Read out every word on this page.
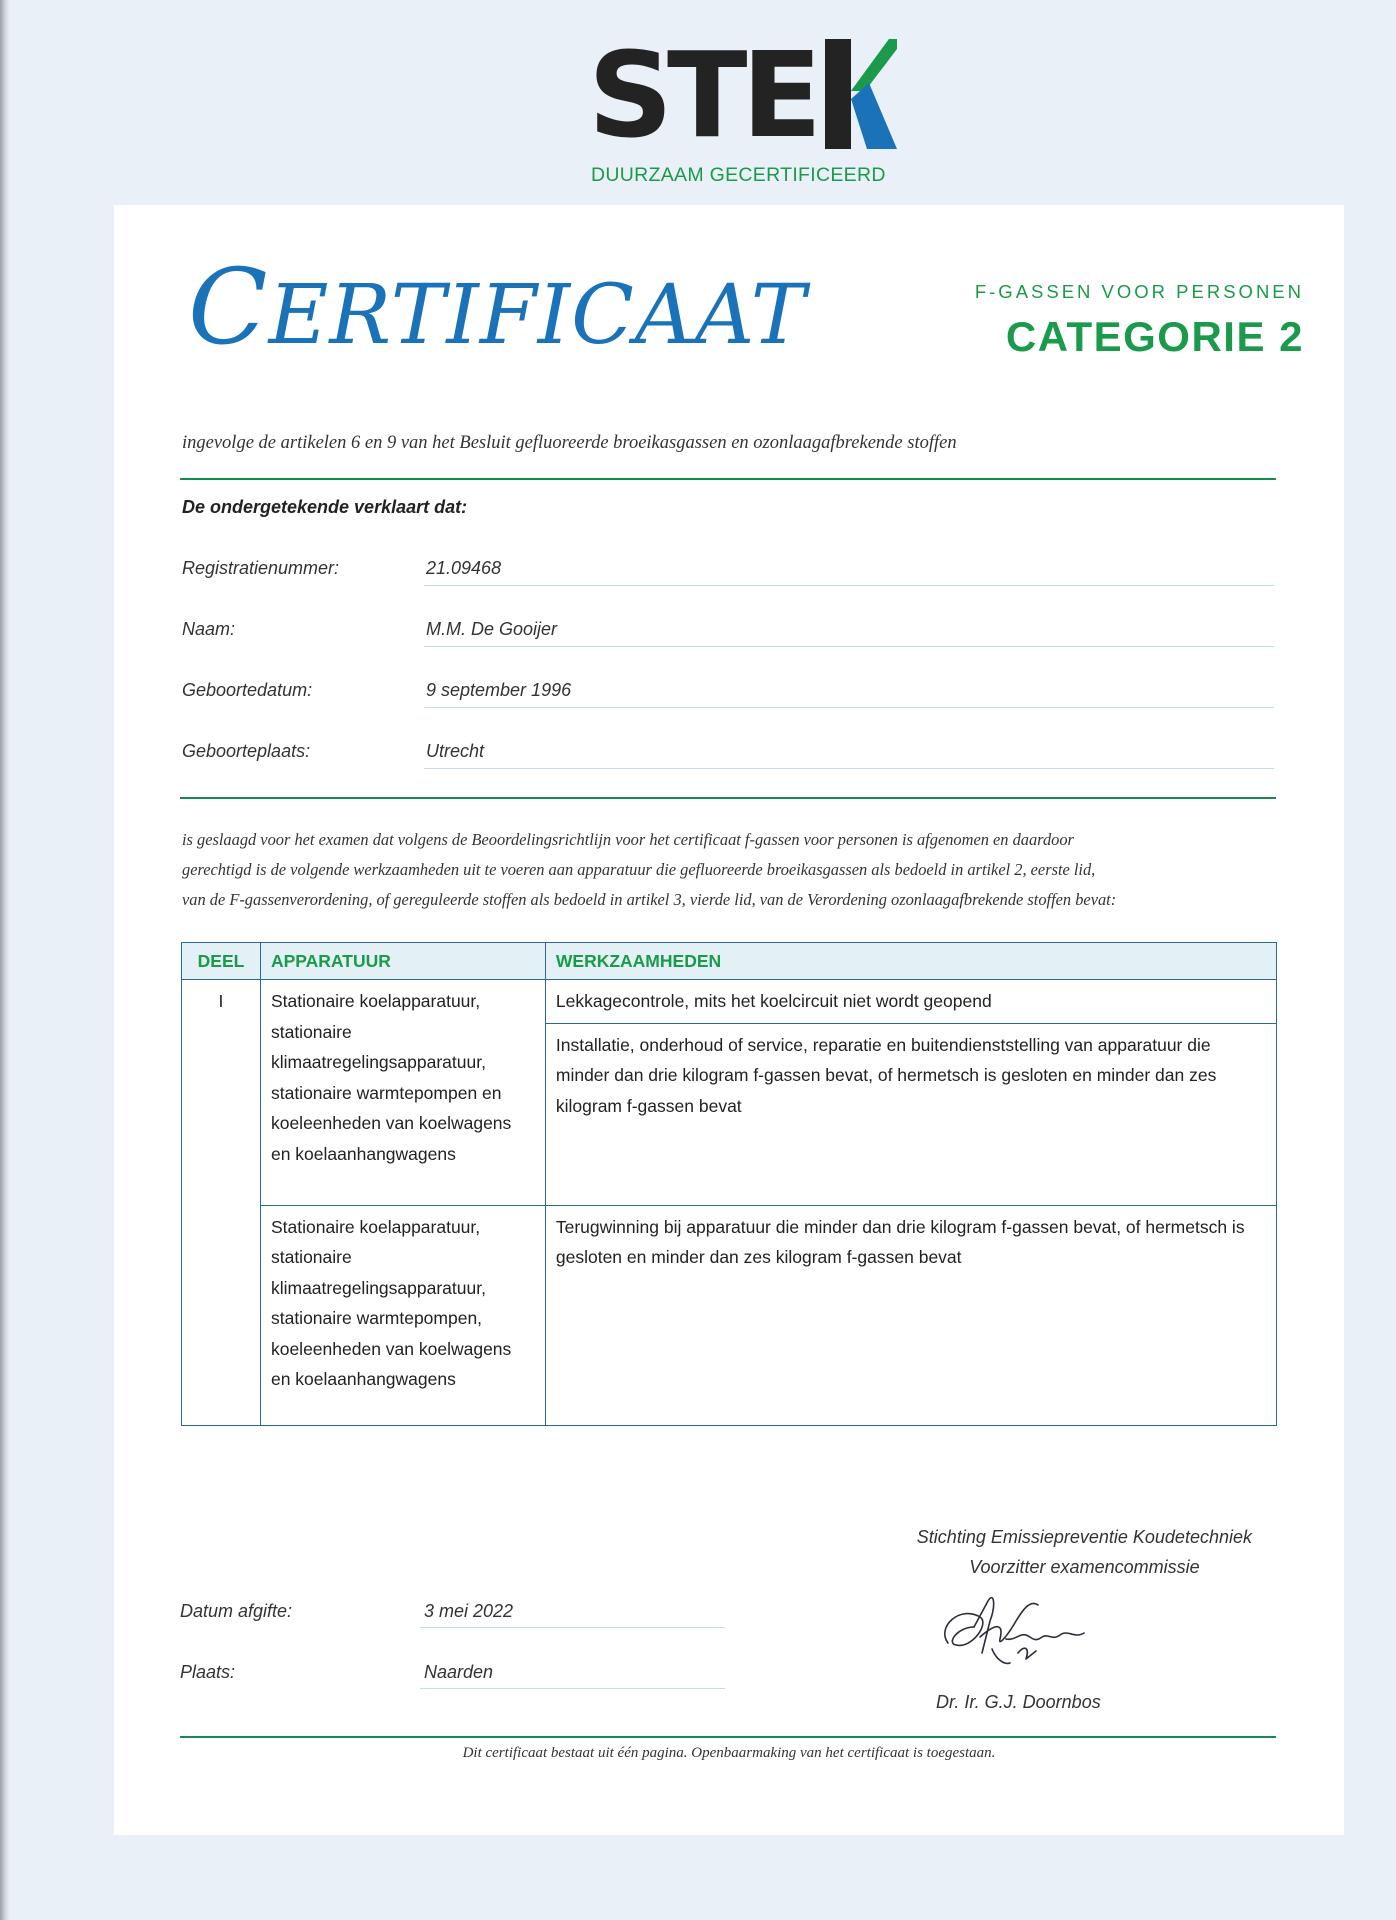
STE
DUURZAAM GECERTIFICEERD
CERTIFICAAT	F-GASSEN VOOR PERSONEN
CATEGORIE 2
ingevolge de artikelen 6 en 9 van het Besluit gefluoreerde broeikasgassen en ozonlaagafbrekende stoffen
De ondergetekende verklaart dat:
Registratienummer:	21.09468
Naam:	M.M. De Gooijer
Geboortedatum:	9 september 1996
Geboorteplaats:	Utrecht
is geslaagd voor het examen dat volgens de Beoordelingsrichtlijn voor het certificaat f-gassen voor personen is afgenomen en daardoor
gerechtigd is de volgende werkzaamheden uit te voeren aan apparatuur die gefluoreerde broeikasgassen als bedoeld in artikel 2, eerste lid,
van de F-gassenverordening, of gereguleerde stoffen als bedoeld in artikel 3, vierde lid, van de Verordening ozonlaagafbrekende stoffen bevat:
DEEL	APPARATUUR	WERKZAAMHEDEN
I	Stationaire koelapparatuur, stationaire klimaatregelingsapparatuur, stationaire warmtepompen en koeleenheden van koelwagens en koelaanhangwagens	Lekkagecontrole, mits het koelcircuit niet wordt geopend
		Installatie, onderhoud of service, reparatie en buitendienststelling van apparatuur die minder dan drie kilogram f-gassen bevat, of hermetsch is gesloten en minder dan zes kilogram f-gassen bevat
	Stationaire koelapparatuur, stationaire klimaatregelingsapparatuur, stationaire warmtepompen, koeleenheden van koelwagens en koelaanhangwagens	Terugwinning bij apparatuur die minder dan drie kilogram f-gassen bevat, of hermetsch is gesloten en minder dan zes kilogram f-gassen bevat
Stichting Emissiepreventie Koudetechniek
Voorzitter examencommissie
Datum afgifte:	3 mei 2022
Plaats:	Naarden
Dr. Ir. G.J. Doornbos
Dit certificaat bestaat uit één pagina. Openbaarmaking van het certificaat is toegestaan.
